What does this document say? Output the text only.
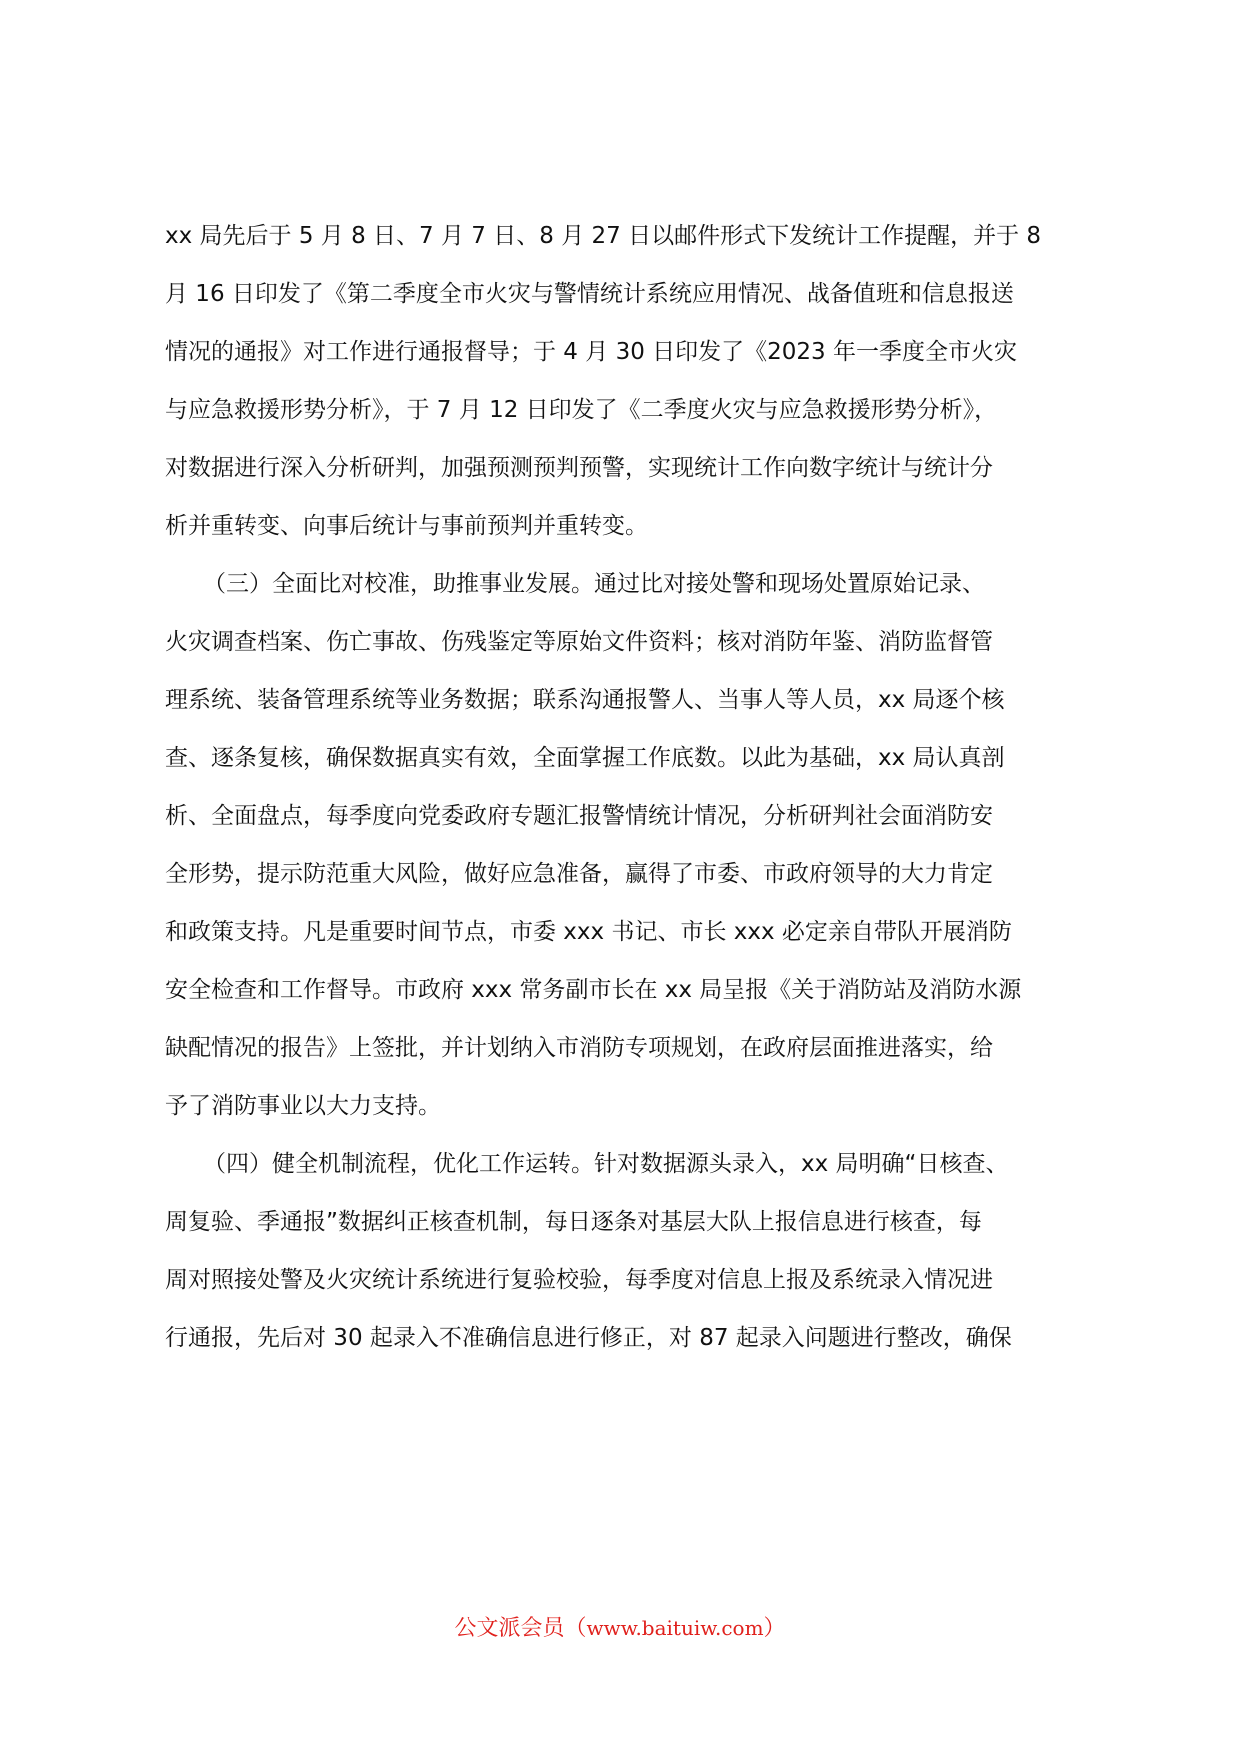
xx 局先后于 5 月 8 日、7 月 7 日、8 月 27 日以邮件形式下发统计工作提醒，并于 8
月 16 日印发了《第二季度全市火灾与警情统计系统应用情况、战备值班和信息报送
情况的通报》对工作进行通报督导；于 4 月 30 日印发了《2023 年一季度全市火灾
与应急救援形势分析》，于 7 月 12 日印发了《二季度火灾与应急救援形势分析》，
对数据进行深入分析研判，加强预测预判预警，实现统计工作向数字统计与统计分
析并重转变、向事后统计与事前预判并重转变。
（三）全面比对校准，助推事业发展。通过比对接处警和现场处置原始记录、
火灾调查档案、伤亡事故、伤残鉴定等原始文件资料；核对消防年鉴、消防监督管
理系统、装备管理系统等业务数据；联系沟通报警人、当事人等人员，xx 局逐个核
查、逐条复核，确保数据真实有效，全面掌握工作底数。以此为基础，xx 局认真剖
析、全面盘点，每季度向党委政府专题汇报警情统计情况，分析研判社会面消防安
全形势，提示防范重大风险，做好应急准备，赢得了市委、市政府领导的大力肯定
和政策支持。凡是重要时间节点，市委 xxx 书记、市长 xxx 必定亲自带队开展消防
安全检查和工作督导。市政府 xxx 常务副市长在 xx 局呈报《关于消防站及消防水源
缺配情况的报告》上签批，并计划纳入市消防专项规划，在政府层面推进落实，给
予了消防事业以大力支持。
（四）健全机制流程，优化工作运转。针对数据源头录入，xx 局明确“日核查、
周复验、季通报”数据纠正核查机制，每日逐条对基层大队上报信息进行核查，每
周对照接处警及火灾统计系统进行复验校验，每季度对信息上报及系统录入情况进
行通报，先后对 30 起录入不准确信息进行修正，对 87 起录入问题进行整改，确保
公文派会员（www.baituiw.com）
